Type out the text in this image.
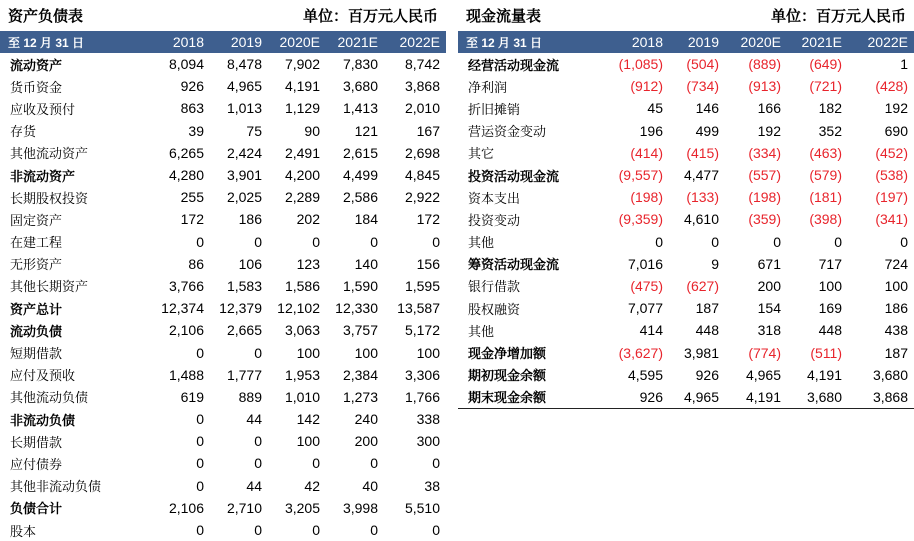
资产负债表	单位：百万元人民币
至 12 月 31 日	2018	2019	2020E	2021E	2022E
流动资产	8,094	8,478	7,902	7,830	8,742
货币资金	926	4,965	4,191	3,680	3,868
应收及预付	863	1,013	1,129	1,413	2,010
存货	39	75	90	121	167
其他流动资产	6,265	2,424	2,491	2,615	2,698
非流动资产	4,280	3,901	4,200	4,499	4,845
长期股权投资	255	2,025	2,289	2,586	2,922
固定资产	172	186	202	184	172
在建工程	0	0	0	0	0
无形资产	86	106	123	140	156
其他长期资产	3,766	1,583	1,586	1,590	1,595
资产总计	12,374	12,379	12,102	12,330	13,587
流动负债	2,106	2,665	3,063	3,757	5,172
短期借款	0	0	100	100	100
应付及预收	1,488	1,777	1,953	2,384	3,306
其他流动负债	619	889	1,010	1,273	1,766
非流动负债	0	44	142	240	338
长期借款	0	0	100	200	300
应付债券	0	0	0	0	0
其他非流动负债	0	44	42	40	38
负债合计	2,106	2,710	3,205	3,998	5,510
股本	0	0	0	0	0
现金流量表	单位：百万元人民币
至 12 月 31 日	2018	2019	2020E	2021E	2022E
经营活动现金流	(1,085)	(504)	(889)	(649)	1
净利润	(912)	(734)	(913)	(721)	(428)
折旧摊销	45	146	166	182	192
营运资金变动	196	499	192	352	690
其它	(414)	(415)	(334)	(463)	(452)
投资活动现金流	(9,557)	4,477	(557)	(579)	(538)
资本支出	(198)	(133)	(198)	(181)	(197)
投资变动	(9,359)	4,610	(359)	(398)	(341)
其他	0	0	0	0	0
筹资活动现金流	7,016	9	671	717	724
银行借款	(475)	(627)	200	100	100
股权融资	7,077	187	154	169	186
其他	414	448	318	448	438
现金净增加额	(3,627)	3,981	(774)	(511)	187
期初现金余额	4,595	926	4,965	4,191	3,680
期末现金余额	926	4,965	4,191	3,680	3,868
